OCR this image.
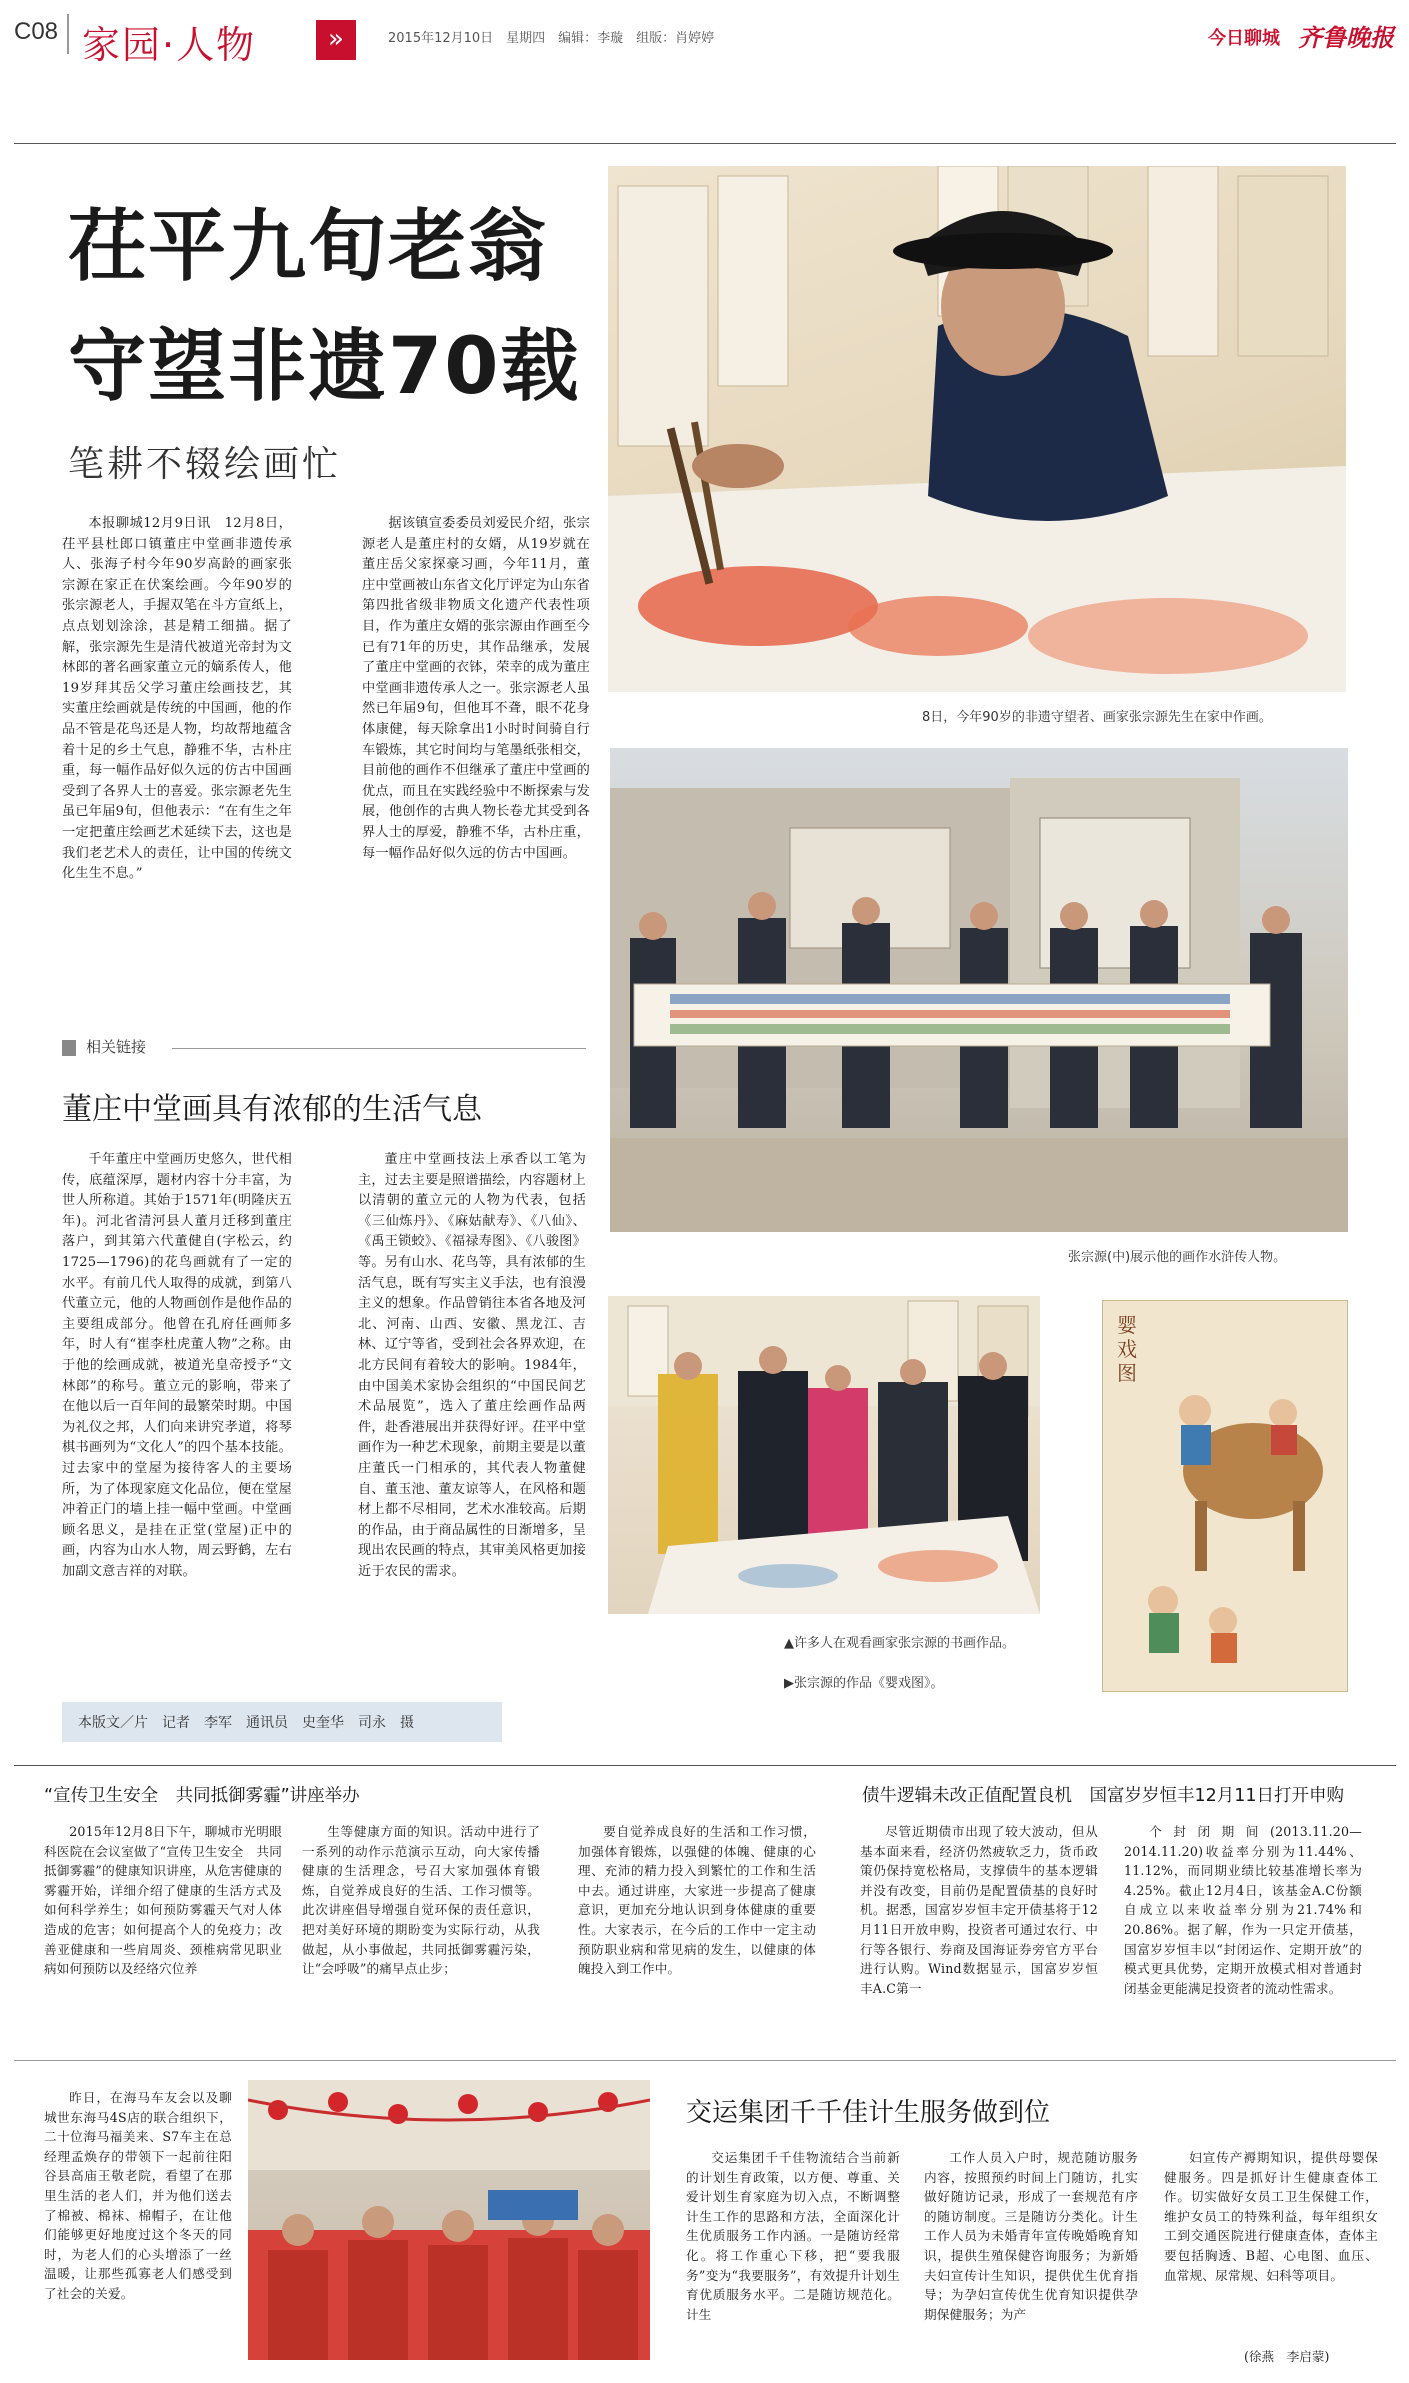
C08 家园·人物	»	2015年12月10日　星期四　编辑：李璇　组版：肖婷婷	今日聊城 齐鲁晚报
茌平九旬老翁
守望非遗70载
笔耕不辍绘画忙
本报聊城12月9日讯　12月8日，茌平县杜郎口镇董庄中堂画非遗传承人、张海子村今年90岁高龄的画家张宗源在家正在伏案绘画。今年90岁的张宗源老人，手握双笔在斗方宣纸上，点点划划涂涂，甚是精工细描。据了解，张宗源先生是清代被道光帝封为文林郎的著名画家董立元的嫡系传人，他19岁拜其岳父学习董庄绘画技艺，其实董庄绘画就是传统的中国画，他的作品不管是花鸟还是人物，均故帮地蕴含着十足的乡土气息，静雅不华，古朴庄重，每一幅作品好似久远的仿古中国画受到了各界人士的喜爱。张宗源老先生虽已年届9旬，但他表示：“在有生之年一定把董庄绘画艺术延续下去，这也是我们老艺术人的责任，让中国的传统文化生生不息。”
据该镇宣委委员刘爱民介绍，张宗源老人是董庄村的女婿，从19岁就在董庄岳父家探豪习画，今年11月，董庄中堂画被山东省文化厅评定为山东省第四批省级非物质文化遗产代表性项目，作为董庄女婿的张宗源由作画至今已有71年的历史，其作品继承，发展了董庄中堂画的衣钵，荣幸的成为董庄中堂画非遗传承人之一。张宗源老人虽然已年届9旬，但他耳不聋，眼不花身体康健，每天除拿出1小时时间骑自行车锻炼，其它时间均与笔墨纸张相交，目前他的画作不但继承了董庄中堂画的优点，而且在实践经验中不断探索与发展，他创作的古典人物长卷尤其受到各界人士的厚爱，静雅不华，古朴庄重，每一幅作品好似久远的仿古中国画。
8日，今年90岁的非遗守望者、画家张宗源先生在家中作画。
张宗源(中)展示他的画作水浒传人物。
▲许多人在观看画家张宗源的书画作品。
▶张宗源的作品《婴戏图》。
婴戏图
相关链接
董庄中堂画具有浓郁的生活气息
千年董庄中堂画历史悠久，世代相传，底蕴深厚，题材内容十分丰富，为世人所称道。其始于1571年(明隆庆五年)。河北省清河县人董月迁移到董庄落户，到其第六代董健自(字松云，约1725—1796)的花鸟画就有了一定的水平。有前几代人取得的成就，到第八代董立元，他的人物画创作是他作品的主要组成部分。他曾在孔府任画师多年，时人有“崔李杜虎董人物”之称。由于他的绘画成就，被道光皇帝授予“文林郎”的称号。董立元的影响，带来了在他以后一百年间的最繁荣时期。中国为礼仪之邦，人们向来讲究孝道，将琴棋书画列为“文化人”的四个基本技能。过去家中的堂屋为接待客人的主要场所，为了体现家庭文化品位，便在堂屋冲着正门的墙上挂一幅中堂画。中堂画顾名思义，是挂在正堂(堂屋)正中的画，内容为山水人物，周云野鹤，左右加副文意吉祥的对联。
董庄中堂画技法上承香以工笔为主，过去主要是照谱描绘，内容题材上以清朝的董立元的人物为代表，包括《三仙炼丹》、《麻姑献寿》、《八仙》、《禹王锁蛟》、《福禄寿图》、《八骏图》等。另有山水、花鸟等，具有浓郁的生活气息，既有写实主义手法，也有浪漫主义的想象。作品曾销往本省各地及河北、河南、山西、安徽、黑龙江、吉林、辽宁等省，受到社会各界欢迎，在北方民间有着较大的影响。1984年，由中国美术家协会组织的“中国民间艺术品展览”，选入了董庄绘画作品两件，赴香港展出并获得好评。茌平中堂画作为一种艺术现象，前期主要是以董庄董氏一门相承的，其代表人物董健自、董玉池、董友谅等人，在风格和题材上都不尽相同，艺术水准较高。后期的作品，由于商品属性的日渐增多，呈现出农民画的特点，其审美风格更加接近于农民的需求。
本版文／片　记者　李军　通讯员　史奎华　司永　摄
“宣传卫生安全　共同抵御雾霾”讲座举办
2015年12月8日下午，聊城市光明眼科医院在会议室做了“宣传卫生安全　共同抵御雾霾”的健康知识讲座，从危害健康的雾霾开始，详细介绍了健康的生活方式及如何科学养生；如何预防雾霾天气对人体造成的危害；如何提高个人的免疫力；改善亚健康和一些肩周炎、颈椎病常见职业病如何预防以及经络穴位养
生等健康方面的知识。活动中进行了一系列的动作示范演示互动，向大家传播健康的生活理念，号召大家加强体育锻炼，自觉养成良好的生活、工作习惯等。此次讲座倡导增强自觉环保的责任意识，把对美好环境的期盼变为实际行动，从我做起，从小事做起，共同抵御雾霾污染，让“会呼吸”的痛早点止步；
要自觉养成良好的生活和工作习惯，加强体育锻炼，以强健的体魄、健康的心理、充沛的精力投入到繁忙的工作和生活中去。通过讲座，大家进一步提高了健康意识，更加充分地认识到身体健康的重要性。大家表示，在今后的工作中一定主动预防职业病和常见病的发生，以健康的体魄投入到工作中。
债牛逻辑未改正值配置良机　国富岁岁恒丰12月11日打开申购
尽管近期债市出现了较大波动，但从基本面来看，经济仍然疲软乏力，货币政策仍保持宽松格局，支撑债牛的基本逻辑并没有改变，目前仍是配置债基的良好时机。据悉，国富岁岁恒丰定开债基将于12月11日开放申购，投资者可通过农行、中行等各银行、券商及国海证券旁官方平台进行认购。Wind数据显示，国富岁岁恒丰A.C第一
个封闭期间(2013.11.20—2014.11.20)收益率分别为11.44%、11.12%，而同期业绩比较基准增长率为4.25%。截止12月4日，该基金A.C份额自成立以来收益率分别为21.74%和20.86%。据了解，作为一只定开债基，国富岁岁恒丰以“封闭运作、定期开放”的模式更具优势，定期开放模式相对普通封闭基金更能满足投资者的流动性需求。
昨日，在海马车友会以及聊城世东海马4S店的联合组织下，二十位海马福美来、S7车主在总经理孟焕存的带领下一起前往阳谷县高庙王敬老院，看望了在那里生活的老人们，并为他们送去了棉被、棉袜、棉帽子，在让他们能够更好地度过这个冬天的同时，为老人们的心头增添了一丝温暖，让那些孤寡老人们感受到了社会的关爱。
交运集团千千佳计生服务做到位
交运集团千千佳物流结合当前新的计划生育政策，以方便、尊重、关爱计划生育家庭为切入点，不断调整计生工作的思路和方法，全面深化计生优质服务工作内涵。一是随访经常化。将工作重心下移，把“要我服务”变为“我要服务”，有效提升计划生育优质服务水平。二是随访规范化。计生
工作人员入户时，规范随访服务内容，按照预约时间上门随访，扎实做好随访记录，形成了一套规范有序的随访制度。三是随访分类化。计生工作人员为未婚青年宣传晚婚晚育知识，提供生殖保健咨询服务；为新婚夫妇宣传计生知识，提供优生优育指导；为孕妇宣传优生优育知识提供孕期保健服务；为产
妇宣传产褥期知识，提供母婴保健服务。四是抓好计生健康查体工作。切实做好女员工卫生保健工作，维护女员工的特殊利益，每年组织女工到交通医院进行健康查体，查体主要包括胸透、B超、心电图、血压、血常规、尿常规、妇科等项目。
(徐燕　李启蒙)
